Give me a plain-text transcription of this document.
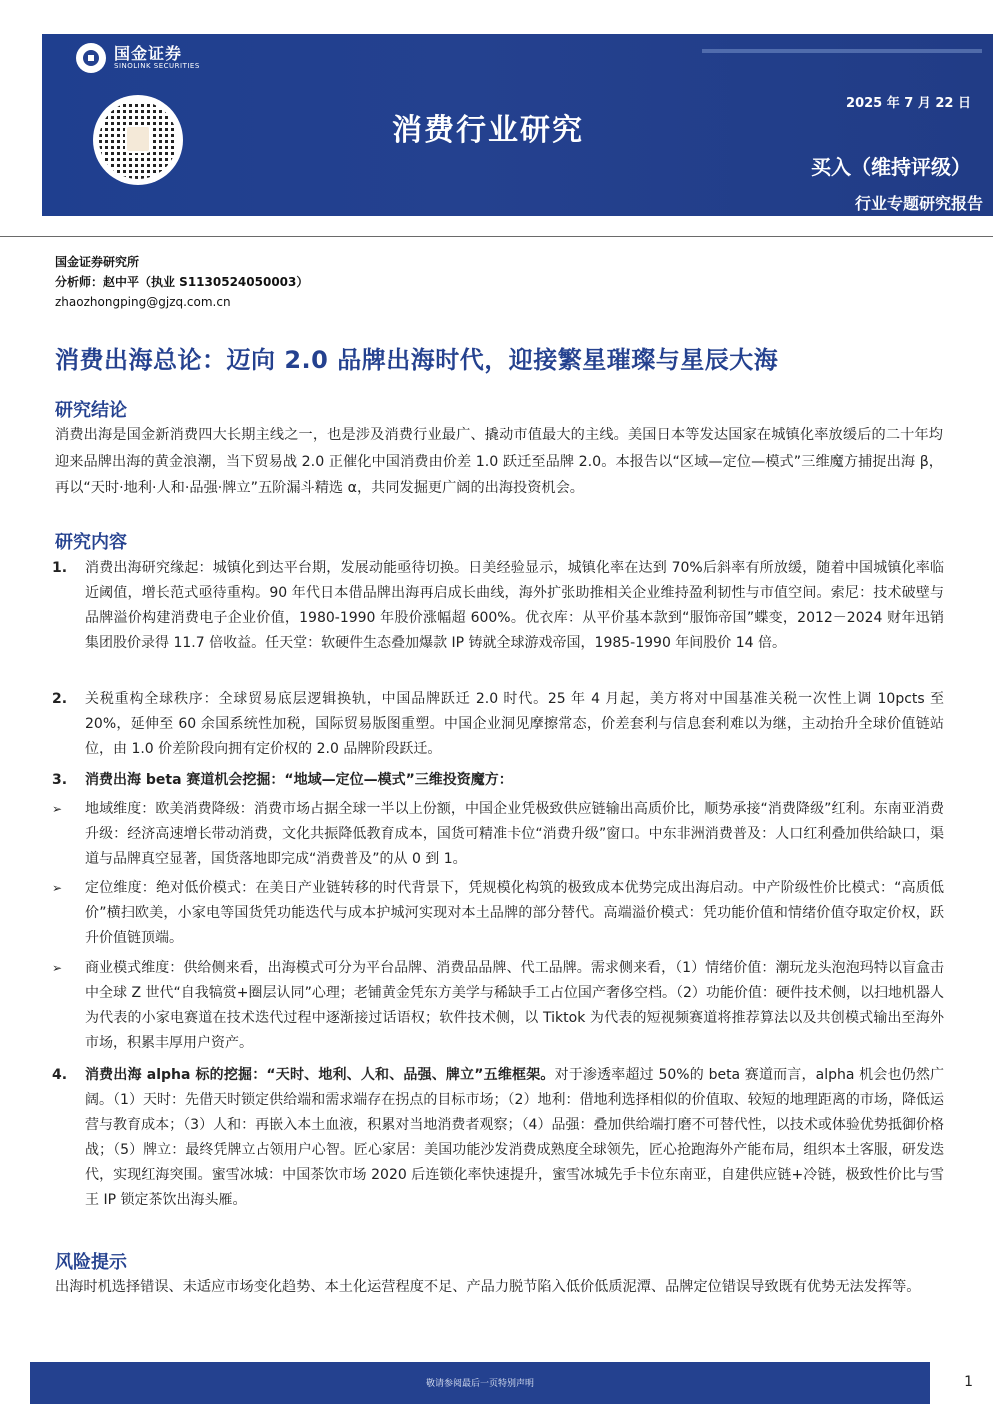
2025 年 7 月 22 日
买入（维持评级）
行业专题研究报告
证券研究报告
国金证券
SINOLINK SECURITIES
消费行业研究
国金证券研究所
分析师：赵中平（执业 S1130524050003）
zhaozhongping@gjzq.com.cn
消费出海总论：迈向 2.0 品牌出海时代，迎接繁星璀璨与星辰大海
研究结论
消费出海是国金新消费四大长期主线之一，也是涉及消费行业最广、撬动市值最大的主线。美国日本等发达国家在城镇化率放缓后的二十年均迎来品牌出海的黄金浪潮，当下贸易战 2.0 正催化中国消费由价差 1.0 跃迁至品牌 2.0。本报告以“区域—定位—模式”三维魔方捕捉出海 β，再以“天时·地利·人和·品强·牌立”五阶漏斗精选 α，共同发掘更广阔的出海投资机会。
研究内容
1. 消费出海研究缘起：城镇化到达平台期，发展动能亟待切换。日美经验显示，城镇化率在达到 70%后斜率有所放缓，随着中国城镇化率临近阈值，增长范式亟待重构。90 年代日本借品牌出海再启成长曲线，海外扩张助推相关企业维持盈利韧性与市值空间。索尼：技术破壁与品牌溢价构建消费电子企业价值，1980-1990 年股价涨幅超 600%。优衣库：从平价基本款到“服饰帝国”蝶变，2012－2024 财年迅销集团股价录得 11.7 倍收益。任天堂：软硬件生态叠加爆款 IP 铸就全球游戏帝国，1985-1990 年间股价 14 倍。
2. 关税重构全球秩序：全球贸易底层逻辑换轨，中国品牌跃迁 2.0 时代。25 年 4 月起，美方将对中国基准关税一次性上调 10pcts 至 20%，延伸至 60 余国系统性加税，国际贸易版图重塑。中国企业洞见摩擦常态，价差套利与信息套利难以为继，主动抬升全球价值链站位，由 1.0 价差阶段向拥有定价权的 2.0 品牌阶段跃迁。
3. 消费出海 beta 赛道机会挖掘：“地域—定位—模式”三维投资魔方：
➢ 地域维度：欧美消费降级：消费市场占据全球一半以上份额，中国企业凭极致供应链输出高质价比，顺势承接“消费降级”红利。东南亚消费升级：经济高速增长带动消费，文化共振降低教育成本，国货可精准卡位“消费升级”窗口。中东非洲消费普及：人口红利叠加供给缺口，渠道与品牌真空显著，国货落地即完成“消费普及”的从 0 到 1。
➢ 定位维度：绝对低价模式：在美日产业链转移的时代背景下，凭规模化构筑的极致成本优势完成出海启动。中产阶级性价比模式：“高质低价”横扫欧美，小家电等国货凭功能迭代与成本护城河实现对本土品牌的部分替代。高端溢价模式：凭功能价值和情绪价值夺取定价权，跃升价值链顶端。
➢ 商业模式维度：供给侧来看，出海模式可分为平台品牌、消费品品牌、代工品牌。需求侧来看，（1）情绪价值：潮玩龙头泡泡玛特以盲盒击中全球 Z 世代“自我犒赏+圈层认同”心理；老铺黄金凭东方美学与稀缺手工占位国产奢侈空档。（2）功能价值：硬件技术侧，以扫地机器人为代表的小家电赛道在技术迭代过程中逐渐接过话语权；软件技术侧，以 Tiktok 为代表的短视频赛道将推荐算法以及共创模式输出至海外市场，积累丰厚用户资产。
4. 消费出海 alpha 标的挖掘：“天时、地利、人和、品强、牌立”五维框架。对于渗透率超过 50%的 beta 赛道而言，alpha 机会也仍然广阔。（1）天时：先借天时锁定供给端和需求端存在拐点的目标市场；（2）地利：借地利选择相似的价值取、较短的地理距离的市场，降低运营与教育成本；（3）人和：再嵌入本土血液，积累对当地消费者观察；（4）品强：叠加供给端打磨不可替代性，以技术或体验优势抵御价格战；（5）牌立：最终凭牌立占领用户心智。匠心家居：美国功能沙发消费成熟度全球领先，匠心抢跑海外产能布局，组织本土客服，研发迭代，实现红海突围。蜜雪冰城：中国茶饮市场 2020 后连锁化率快速提升，蜜雪冰城先手卡位东南亚，自建供应链+冷链，极致性价比与雪王 IP 锁定茶饮出海头雁。
风险提示
出海时机选择错误、未适应市场变化趋势、本土化运营程度不足、产品力脱节陷入低价低质泥潭、品牌定位错误导致既有优势无法发挥等。
敬请参阅最后一页特别声明	1
